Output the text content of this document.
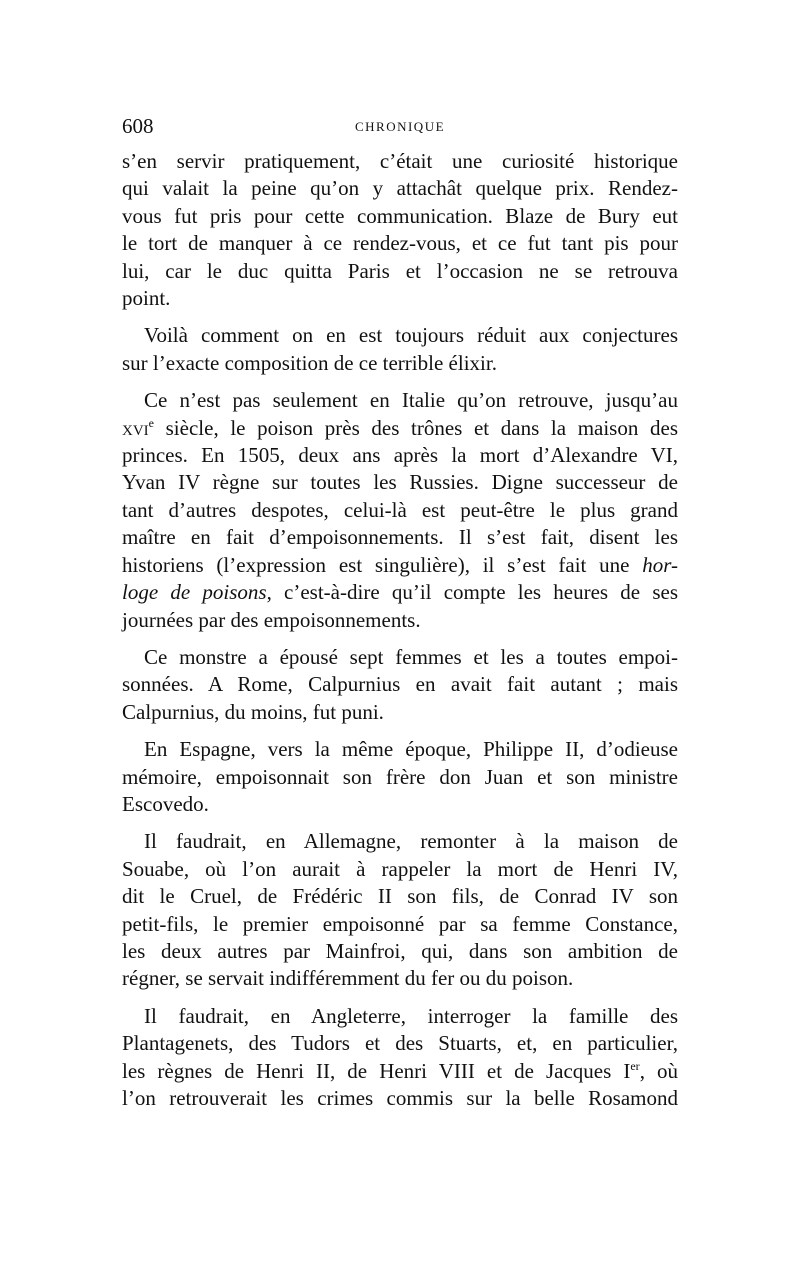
608	CHRONIQUE
s’en servir pratiquement, c’était une curiosité historique
qui valait la peine qu’on y attachât quelque prix. Rendez-
vous fut pris pour cette communication. Blaze de Bury eut
le tort de manquer à ce rendez-vous, et ce fut tant pis pour
lui, car le duc quitta Paris et l’occasion ne se retrouva
point.
Voilà comment on en est toujours réduit aux conjectures
sur l’exacte composition de ce terrible élixir.
Ce n’est pas seulement en Italie qu’on retrouve, jusqu’au
xvi$^e$ siècle, le poison près des trônes et dans la maison des
princes. En 1505, deux ans après la mort d’Alexandre VI,
Yvan IV règne sur toutes les Russies. Digne successeur de
tant d’autres despotes, celui-là est peut-être le plus grand
maître en fait d’empoisonnements. Il s’est fait, disent les
historiens (l’expression est singulière), il s’est fait une hor-
loge de poisons, c’est-à-dire qu’il compte les heures de ses
journées par des empoisonnements.
Ce monstre a épousé sept femmes et les a toutes empoi-
sonnées. A Rome, Calpurnius en avait fait autant ; mais
Calpurnius, du moins, fut puni.
En Espagne, vers la même époque, Philippe II, d’odieuse
mémoire, empoisonnait son frère don Juan et son ministre
Escovedo.
Il faudrait, en Allemagne, remonter à la maison de
Souabe, où l’on aurait à rappeler la mort de Henri IV,
dit le Cruel, de Frédéric II son fils, de Conrad IV son
petit-fils, le premier empoisonné par sa femme Constance,
les deux autres par Mainfroi, qui, dans son ambition de
régner, se servait indifféremment du fer ou du poison.
Il faudrait, en Angleterre, interroger la famille des
Plantagenets, des Tudors et des Stuarts, et, en particulier,
les règnes de Henri II, de Henri VIII et de Jacques Ier, où
l’on retrouverait les crimes commis sur la belle Rosamond
